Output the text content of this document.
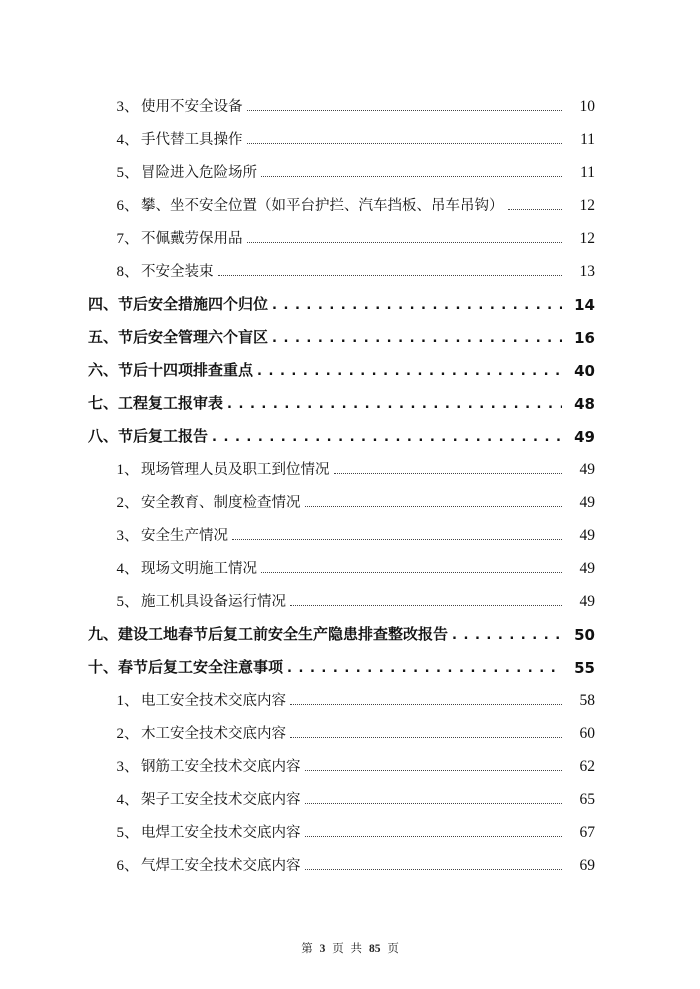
3、 使用不安全设备	10
4、 手代替工具操作	11
5、 冒险进入危险场所	11
6、 攀、坐不安全位置（如平台护拦、汽车挡板、吊车吊钩）	12
7、 不佩戴劳保用品	12
8、 不安全装束	13
四、 节后安全措施四个归位 . . .	14
五、 节后安全管理六个盲区 . . .	16
六、 节后十四项排查重点 . . .	40
七、 工程复工报审表 . . .	48
八、 节后复工报告 . . .	49
1、 现场管理人员及职工到位情况	49
2、 安全教育、制度检查情况	49
3、 安全生产情况	49
4、 现场文明施工情况	49
5、 施工机具设备运行情况	49
九、 建设工地春节后复工前安全生产隐患排查整改报告 . . .	50
十、 春节后复工安全注意事项 . . .	55
1、 电工安全技术交底内容	58
2、 木工安全技术交底内容	60
3、 钢筋工安全技术交底内容	62
4、 架子工安全技术交底内容	65
5、 电焊工安全技术交底内容	67
6、 气焊工安全技术交底内容	69
第 3 页 共 85 页
